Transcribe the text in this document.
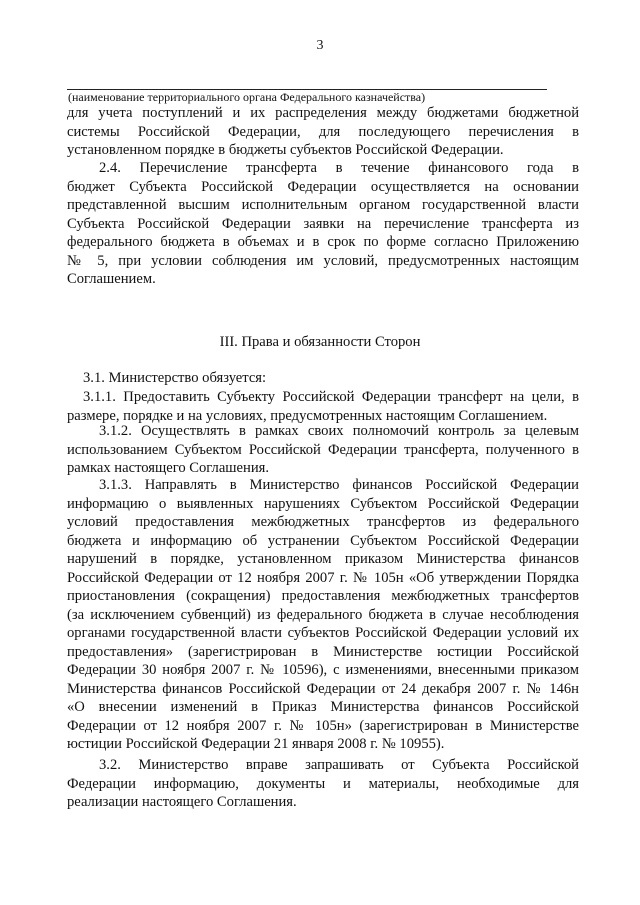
3
(наименование территориального органа Федерального казначейства)
для учета поступлений и их распределения между бюджетами бюджетной
системы Российской Федерации, для последующего перечисления в
установленном порядке в бюджеты субъектов Российской Федерации.
2.4. Перечисление трансферта в течение финансового года в
бюджет Субъекта Российской Федерации осуществляется на основании
представленной высшим исполнительным органом государственной власти
Субъекта Российской Федерации заявки на перечисление трансферта из
федерального бюджета в объемах и в срок по форме согласно Приложению
№ 5, при условии соблюдения им условий, предусмотренных настоящим
Соглашением.
III. Права и обязанности Сторон
3.1. Министерство обязуется:
3.1.1. Предоставить Субъекту Российской Федерации трансферт на цели, в
размере, порядке и на условиях, предусмотренных настоящим Соглашением.
3.1.2. Осуществлять в рамках своих полномочий контроль за целевым
использованием Субъектом Российской Федерации трансферта, полученного в
рамках настоящего Соглашения.
3.1.3. Направлять в Министерство финансов Российской Федерации
информацию о выявленных нарушениях Субъектом Российской Федерации
условий предоставления межбюджетных трансфертов из федерального
бюджета и информацию об устранении Субъектом Российской Федерации
нарушений в порядке, установленном приказом Министерства финансов
Российской Федерации от 12 ноября 2007 г. № 105н «Об утверждении Порядка
приостановления (сокращения) предоставления межбюджетных трансфертов
(за исключением субвенций) из федерального бюджета в случае несоблюдения
органами государственной власти субъектов Российской Федерации условий их
предоставления» (зарегистрирован в Министерстве юстиции Российской
Федерации 30 ноября 2007 г. № 10596), с изменениями, внесенными приказом
Министерства финансов Российской Федерации от 24 декабря 2007 г. № 146н
«О внесении изменений в Приказ Министерства финансов Российской
Федерации от 12 ноября 2007 г. № 105н» (зарегистрирован в Министерстве
юстиции Российской Федерации 21 января 2008 г. № 10955).
3.2. Министерство вправе запрашивать от Субъекта Российской
Федерации информацию, документы и материалы, необходимые для
реализации настоящего Соглашения.
